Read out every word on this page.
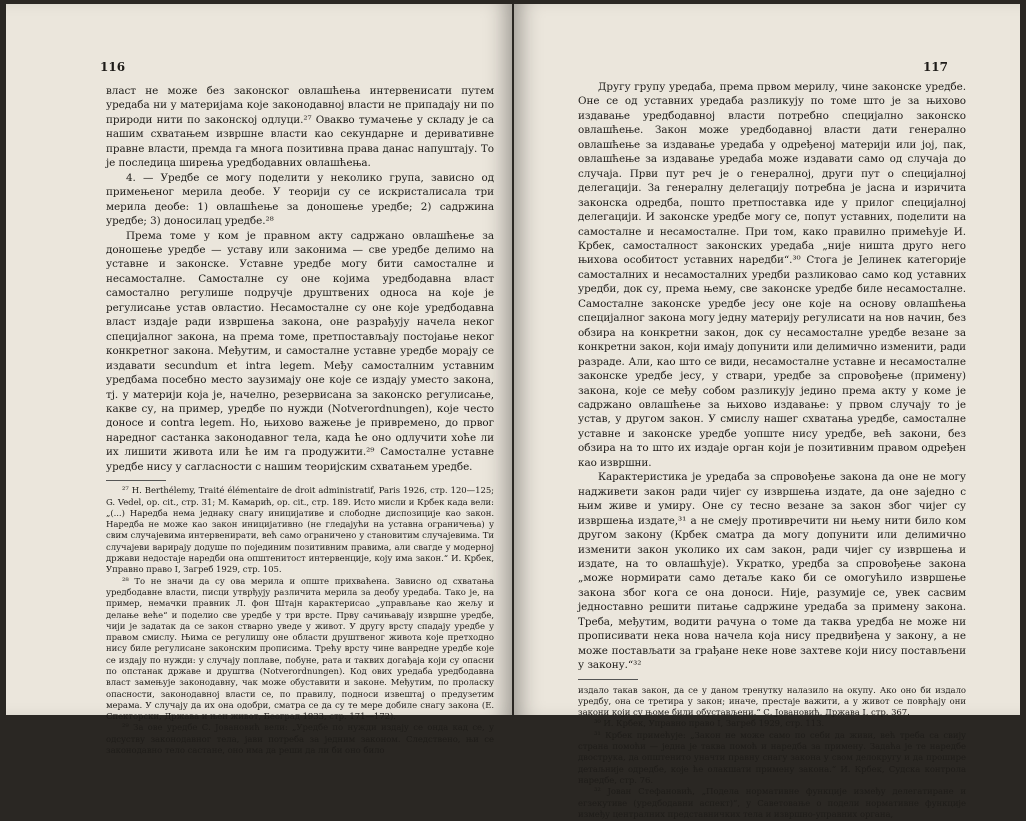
116

власт не може без законског овлашћења интервенисати путем уредаба ни у материјама које законодавној власти не припадају ни по природи нити по законској одлуци.²⁷ Овакво тумачење у складу је са нашим схватањем извршне власти као секундарне и деривативне правне власти, премда га многа позитивна права данас напуштају. То је последица ширења уредбодавних овлашћења.

4. — Уредбе се могу поделити у неколико група, зависно од примењеног мерила деобе. У теорији су се искристалисала три мерила деобе: 1) овлашћење за доношење уредбе; 2) садржина уредбе; 3) доносилац уредбе.²⁸

Према томе у ком је правном акту садржано овлашћење за доношење уредбе — уставу или законима — све уредбе делимо на уставне и законске. Уставне уредбе могу бити самосталне и несамосталне. Самосталне су оне којима уредбодавна власт самостално регулише подручје друштвених односа на које је регулисање устав овластио. Несамосталне су оне које уредбодавна власт издаје ради извршења закона, оне разрађују начела неког специјалног закона, на према томе, претпостављају постојање неког конкретног закона. Међутим, и самосталне уставне уредбе морају се издавати secundum et intra legem. Међу самосталним уставним уредбама посебно место заузимају оне које се издају уместо закона, тј. у материји која је, начелно, резервисана за законско регулисање, какве су, на пример, уредбе по нужди (Notverordnungen), које често доносе и contra legem. Но, њихово важење је привремено, до првог наредног састанка законодавног тела, када ће оно одлучити хоће ли их лишити живота или ће им га продужити.²⁹ Самосталне уставне уредбе нису у сагласности с нашим теоријским схватањем уредбе.

²⁷ H. Berthélemy, Traité élémentaire de droit administratif, Paris 1926, стр. 120—125; G. Vedel, op. cit., стр. 31; М. Камарић, op. cit., стр. 189. Исто мисли и Крбек када вели: „(...) Наредба нема једнаку снагу иницијативе и слободне диспозиције као закон. Наредба не може као закон иницијативно (не гледајући на уставна ограничења) у свим случајевима интервенирати, већ само ограничено у становитим случајевима. Ти случајеви варирају додуше по појединим позитивним правима, али свагде у модерној држави недостаје наредби она општенитост интервенције, коју има закон.“ И. Крбек, Управно право I, Загреб 1929, стр. 105.

²⁸ То не значи да су ова мерила и опште прихваћена. Зависно од схватања уредбодавне власти, писци утврђују различита мерила за деобу уредаба. Тако је, на пример, немачки правник Л. фон Штајн карактерисао „управљање као жељу и делање веће“ и поделио све уредбе у три врсте. Прву сачињавају извршне уредбе, чији је задатак да се закон стварно уведе у живот. У другу врсту спадају уредбе у правом смислу. Њима се регулишу оне области друштвеног живота које претходно нису биле регулисане законским прописима. Трећу врсту чине ванредне уредбе које се издају по нужди: у случају поплаве, побуне, рата и таквих догађаја који су опасни по опстанак државе и друштва (Notverordnungen). Код ових уредаба уредбодавна власт замењује законодавну, чак може обуставити и законе. Међутим, по проласку опасности, законодавној власти се, по правилу, подноси извештај о предузетим мерама. У случају да их она одобри, сматра се да су те мере добиле снагу закона (Е. Спекторски, Држава и њен живот, Београд 1933, стр. 171—172).

²⁹ За ове уредбе С. Јовановић вели: „Уредбе по нужди издају се онда кад се, у одсуству законодавног тела, јави потреба за једним законом. Следствено, њи се законодавно тело састане, оно има да реши да ли би оно било

117

Другу групу уредаба, према првом мерилу, чине законске уредбе. Оне се од уставних уредаба разликују по томе што је за њихово издавање уредбодавној власти потребно специјално законско овлашћење. Закон може уредбодавној власти дати генерално овлашћење за издавање уредаба у одређеној материји или јој, пак, овлашћење за издавање уредаба може издавати само од случаја до случаја. Први пут реч је о генералној, други пут о специјалној делегацији. За генералну делегацију потребна је јасна и изричита законска одредба, пошто претпоставка иде у прилог специјалној делегацији. И законске уредбе могу се, попут уставних, поделити на самосталне и несамосталне. При том, како правилно примећује И. Крбек, самосталност законских уредаба „није ништа друго него њихова особитост уставних наредби“.³⁰ Стога је Јелинек категорије самосталних и несамосталних уредби разликовао само код уставних уредби, док су, према њему, све законске уредбе биле несамосталне. Самосталне законске уредбе јесу оне које на основу овлашћења специјалног закона могу једну материју регулисати на нов начин, без обзира на конкретни закон, док су несамосталне уредбе везане за конкретни закон, који имају допунити или делимично изменити, ради разраде. Али, као што се види, несамосталне уставне и несамосталне законске уредбе јесу, у ствари, уредбе за спровођење (примену) закона, које се међу собом разликују једино према акту у коме је садржано овлашћење за њихово издавање: у првом случају то је устав, у другом закон. У смислу нашег схватања уредбе, самосталне уставне и законске уредбе уопште нису уредбе, већ закони, без обзира на то што их издаје орган који је позитивним правом одређен као извршни.

Карактеристика је уредаба за спровођење закона да оне не могу надживети закон ради чијег су извршења издате, да оне заједно с њим живе и умиру. Оне су тесно везане за закон због чијег су извршења издате,³¹ а не смеју противречити ни њему нити било ком другом закону (Крбек сматра да могу допунити или делимично изменити закон уколико их сам закон, ради чијег су извршења и издате, на то овлашћује). Укратко, уредба за спровођење закона „може нормирати само детаље како би се омогућило извршење закона због кога се она доноси. Није, разумије се, увек сасвим једноставно решити питање садржине уредаба за примену закона. Треба, међутим, водити рачуна о томе да таква уредба не може ни прописивати нека нова начела која нису предвиђена у закону, а не може постављати за грађане неке нове захтеве који нису постављени у закону.“³²

издало такав закон, да се у даном тренутку налазило на окупу. Ако оно би издало уредбу, она се третира у закон; иначе, престаје важити, а у живот се поврћају они закони који су њоме били обустављени.“ С. Јовановић, Држава I, стр. 367.

³⁰ И. Крбек, Управно право I, Загреб 1929, стр. 113.

³¹ Крбек примећује: „Закон не може само по себи да живи, већ треба са свију страна помоћи — једна је таква помоћ и наредба за примену. Задаћа је те наредбе двострука, да општенито уначти правну снагу закона у свом делокругу и да прошире детаљније одредбе, које ће олакшати примену закона.“ И. Крбек, Судска контрола наредбе, стр. 76.

³² Јован Стефановић, „Подела нормативне функције између делегатиране и егзекутиве (уредбодавни аспект)“, у Саветовање о подели нормативне функције између централних представничких тела и извршно-управних органа,
